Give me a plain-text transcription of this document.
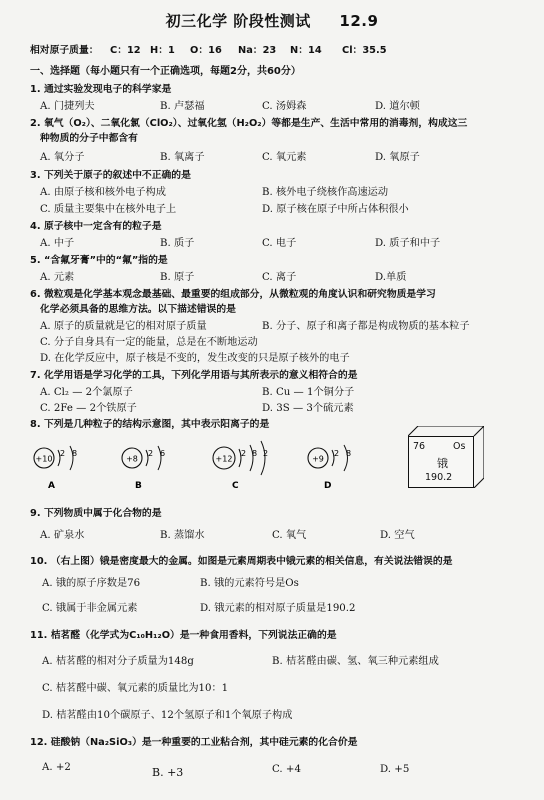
初三化学 阶段性测试 12.9
相对原子质量： C：12 H：1 O：16 Na：23 N：14 Cl：35.5
一、选择题（每小题只有一个正确选项，每题2分，共60分）
1. 通过实验发现电子的科学家是
A. 门捷列夫	B. 卢瑟福	C. 汤姆森	D. 道尔顿
2. 氧气（O₂）、二氧化氯（ClO₂）、过氧化氢（H₂O₂）等都是生产、生活中常用的消毒剂，构成这三
种物质的分子中都含有
A. 氧分子	B. 氧离子	C. 氧元素	D. 氧原子
3. 下列关于原子的叙述中不正确的是
A. 由原子核和核外电子构成	B. 核外电子绕核作高速运动
C. 质量主要集中在核外电子上	D. 原子核在原子中所占体积很小
4. 原子核中一定含有的粒子是
A. 中子	B. 质子	C. 电子	D. 质子和中子
5. “含氟牙膏”中的“氟”指的是
A. 元素	B. 原子	C. 离子	D.单质
6. 微粒观是化学基本观念最基础、最重要的组成部分，从微粒观的角度认识和研究物质是学习
化学必须具备的思维方法。以下描述错误的是
A. 原子的质量就是它的相对原子质量	B. 分子、原子和离子都是构成物质的基本粒子
C. 分子自身具有一定的能量，总是在不断地运动
D. 在化学反应中，原子核是不变的，发生改变的只是原子核外的电子
7. 化学用语是学习化学的工具，下列化学用语与其所表示的意义相符合的是
A. Cl₂ — 2个氯原子	B. Cu — 1个铜分子
C. 2Fe — 2个铁原子	D. 3S — 3个硫元素
8. 下列是几种粒子的结构示意图，其中表示阳离子的是
+10
2 8
A
+8
2 6
B
+12
2 8 2
C
+9
2 8
D
76	Os
锇
190.2
9. 下列物质中属于化合物的是
A. 矿泉水	B. 蒸馏水	C. 氧气	D. 空气
10. （右上图）锇是密度最大的金属。如图是元素周期表中锇元素的相关信息，有关说法错误的是
A. 锇的原子序数是76	B. 锇的元素符号是Os
C. 锇属于非金属元素	D. 锇元素的相对原子质量是190.2
11. 桔茗醛（化学式为C₁₀H₁₂O）是一种食用香料，下列说法正确的是
A. 桔茗醛的相对分子质量为148g	B. 桔茗醛由碳、氢、氧三种元素组成
C. 桔茗醛中碳、氧元素的质量比为10：1
D. 桔茗醛由10个碳原子、12个氢原子和1个氧原子构成
12. 硅酸钠（Na₂SiO₃）是一种重要的工业粘合剂，其中硅元素的化合价是
A. +2	B. +3	C. +4	D. +5
